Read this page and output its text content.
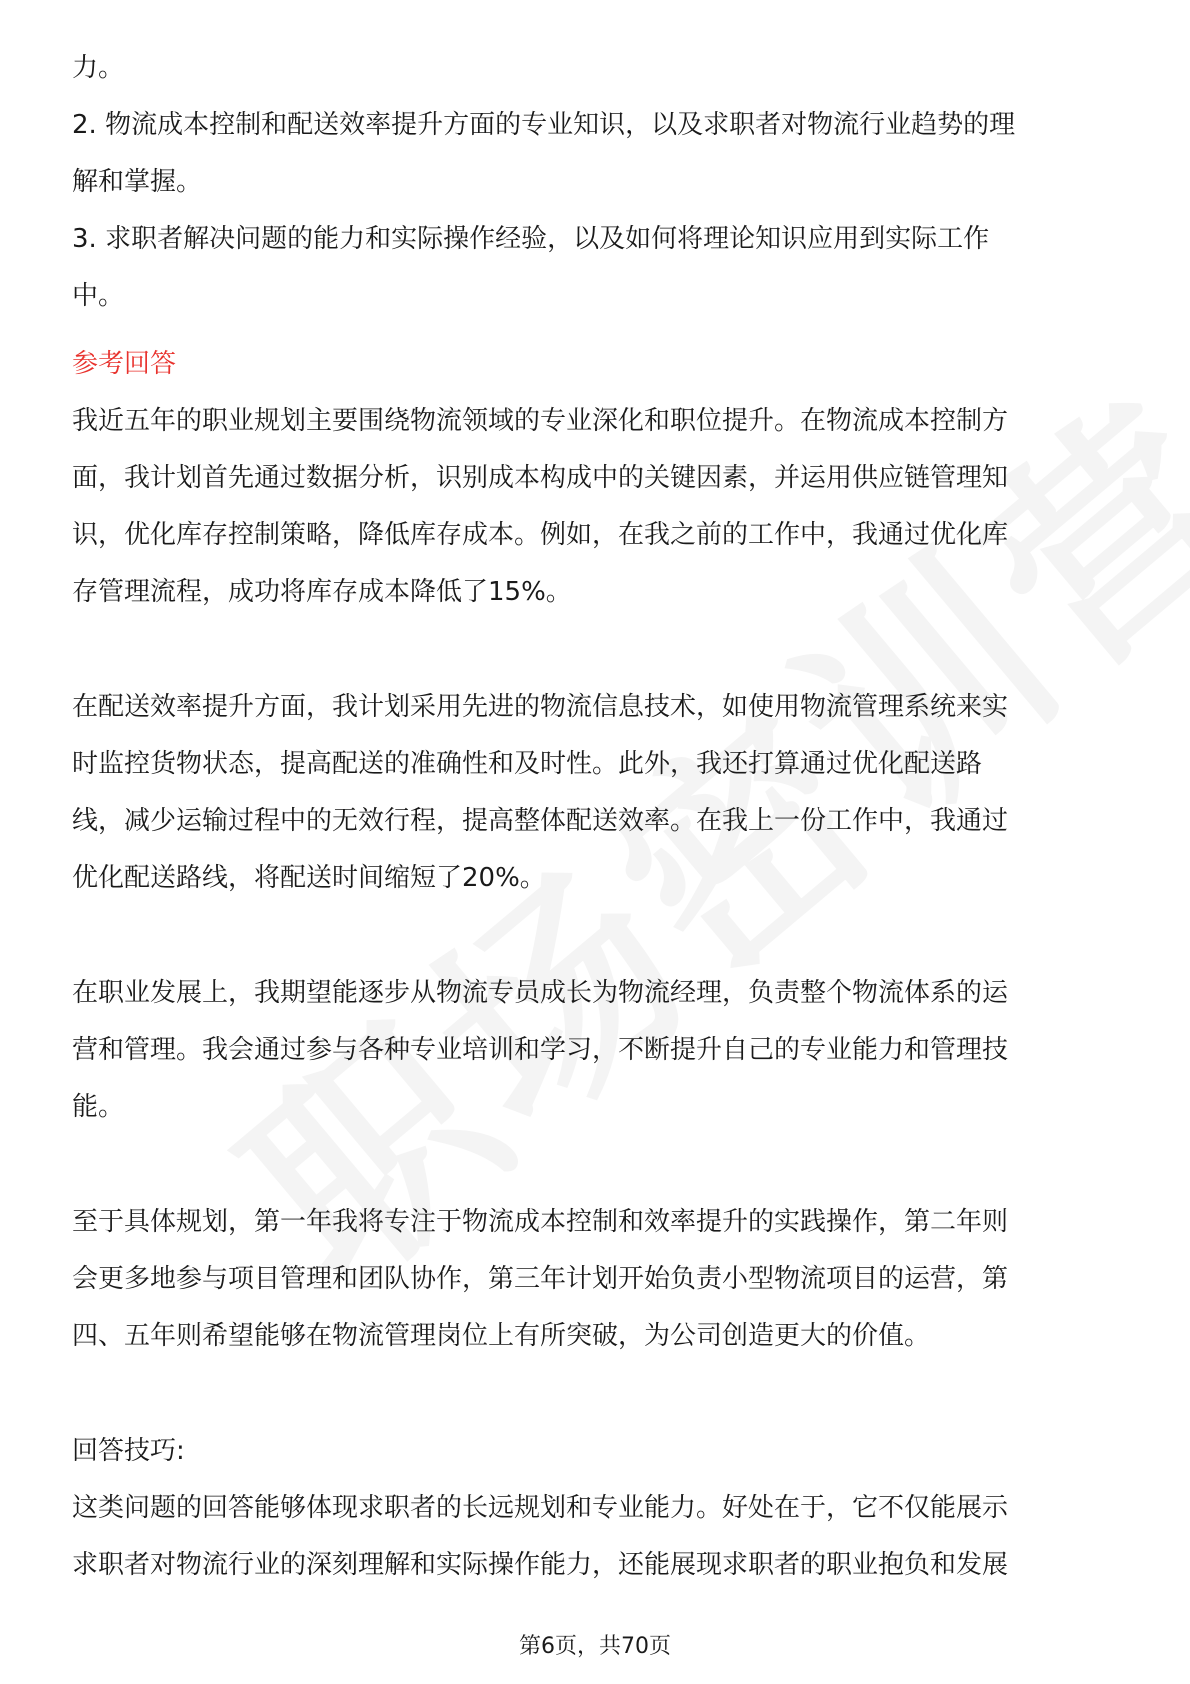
力。

2. 物流成本控制和配送效率提升方面的专业知识，以及求职者对物流行业趋势的理

解和掌握。

3. 求职者解决问题的能力和实际操作经验，以及如何将理论知识应用到实际工作

中。

参考回答

我近五年的职业规划主要围绕物流领域的专业深化和职位提升。在物流成本控制方

面，我计划首先通过数据分析，识别成本构成中的关键因素，并运用供应链管理知

识，优化库存控制策略，降低库存成本。例如，在我之前的工作中，我通过优化库

存管理流程，成功将库存成本降低了15%。

在配送效率提升方面，我计划采用先进的物流信息技术，如使用物流管理系统来实

时监控货物状态，提高配送的准确性和及时性。此外，我还打算通过优化配送路

线，减少运输过程中的无效行程，提高整体配送效率。在我上一份工作中，我通过

优化配送路线，将配送时间缩短了20%。

在职业发展上，我期望能逐步从物流专员成长为物流经理，负责整个物流体系的运

营和管理。我会通过参与各种专业培训和学习，不断提升自己的专业能力和管理技

能。

至于具体规划，第一年我将专注于物流成本控制和效率提升的实践操作，第二年则

会更多地参与项目管理和团队协作，第三年计划开始负责小型物流项目的运营，第

四、五年则希望能够在物流管理岗位上有所突破，为公司创造更大的价值。

回答技巧:

这类问题的回答能够体现求职者的长远规划和专业能力。好处在于，它不仅能展示

求职者对物流行业的深刻理解和实际操作能力，还能展现求职者的职业抱负和发展

第6页，共70页
